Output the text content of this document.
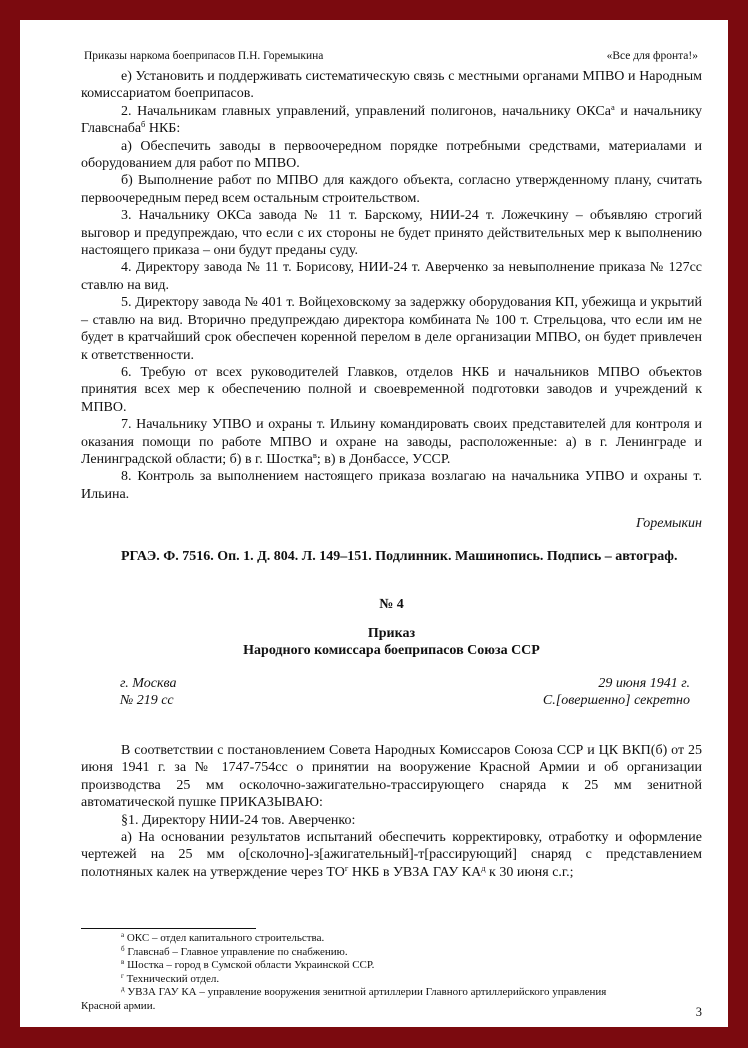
Приказы наркома боеприпасов П.Н. Горемыкина	«Все для фронта!»

е) Установить и поддерживать систематическую связь с местными органами МПВО и Народным комиссариатом боеприпасов.

2. Начальникам главных управлений, управлений полигонов, начальнику ОКСа$^а$ и начальнику Главснаба$^б$ НКБ:

а) Обеспечить заводы в первоочередном порядке потребными средствами, материалами и оборудованием для работ по МПВО.

б) Выполнение работ по МПВО для каждого объекта, согласно утвержденному плану, считать первоочередным перед всем остальным строительством.

3. Начальнику ОКСа завода № 11 т. Барскому, НИИ-24 т. Ложечкину – объявляю строгий выговор и предупреждаю, что если с их стороны не будет принято действительных мер к выполнению настоящего приказа – они будут преданы суду.

4. Директору завода № 11 т. Борисову, НИИ-24 т. Аверченко за невыполнение приказа № 127сс ставлю на вид.

5. Директору завода № 401 т. Войцеховскому за задержку оборудования КП, убежища и укрытий – ставлю на вид. Вторично предупреждаю директора комбината № 100 т. Стрельцова, что если им не будет в кратчайший срок обеспечен коренной перелом в деле организации МПВО, он будет привлечен к ответственности.

6. Требую от всех руководителей Главков, отделов НКБ и начальников МПВО объектов принятия всех мер к обеспечению полной и своевременной подготовки заводов и учреждений к МПВО.

7. Начальнику УПВО и охраны т. Ильину командировать своих представителей для контроля и оказания помощи по работе МПВО и охране на заводы, расположенные: а) в г. Ленинграде и Ленинградской области; б) в г. Шостка$^в$; в) в Донбассе, УССР.

8. Контроль за выполнением настоящего приказа возлагаю на начальника УПВО и охраны т. Ильина.

Горемыкин
РГАЭ. Ф. 7516. Оп. 1. Д. 804. Л. 149–151. Подлинник. Машинопись. Подпись – автограф.
№ 4
Приказ
Народного комиссара боеприпасов Союза ССР
г. Москва	29 июня 1941 г.
№ 219 сс	С.[овершенно] секретно

В соответствии с постановлением Совета Народных Комиссаров Союза ССР и ЦК ВКП(б) от 25 июня 1941 г. за № 1747-754сс о принятии на вооружение Красной Армии и об организации производства 25 мм осколочно-зажигательно-трассирующего снаряда к 25 мм зенитной автоматической пушке ПРИКАЗЫВАЮ:

§1. Директору НИИ-24 тов. Аверченко:

а) На основании результатов испытаний обеспечить корректировку, отработку и оформление чертежей на 25 мм о[сколочно]-з[ажигательный]-т[рассирующий] снаряд с представлением полотняных калек на утверждение через $ТО^г$ НКБ в УВЗА ГАУ $КА^д$ к 30 июня с.г.;

$^а$ ОКС – отдел капитального строительства.
$^б$ Главснаб – Главное управление по снабжению.
$^в$ Шостка – город в Сумской области Украинской ССР.
$^г$ Технический отдел.
$^д$ УВЗА ГАУ КА – управление вооружения зенитной артиллерии Главного артиллерийского управления
Красной армии.	3
